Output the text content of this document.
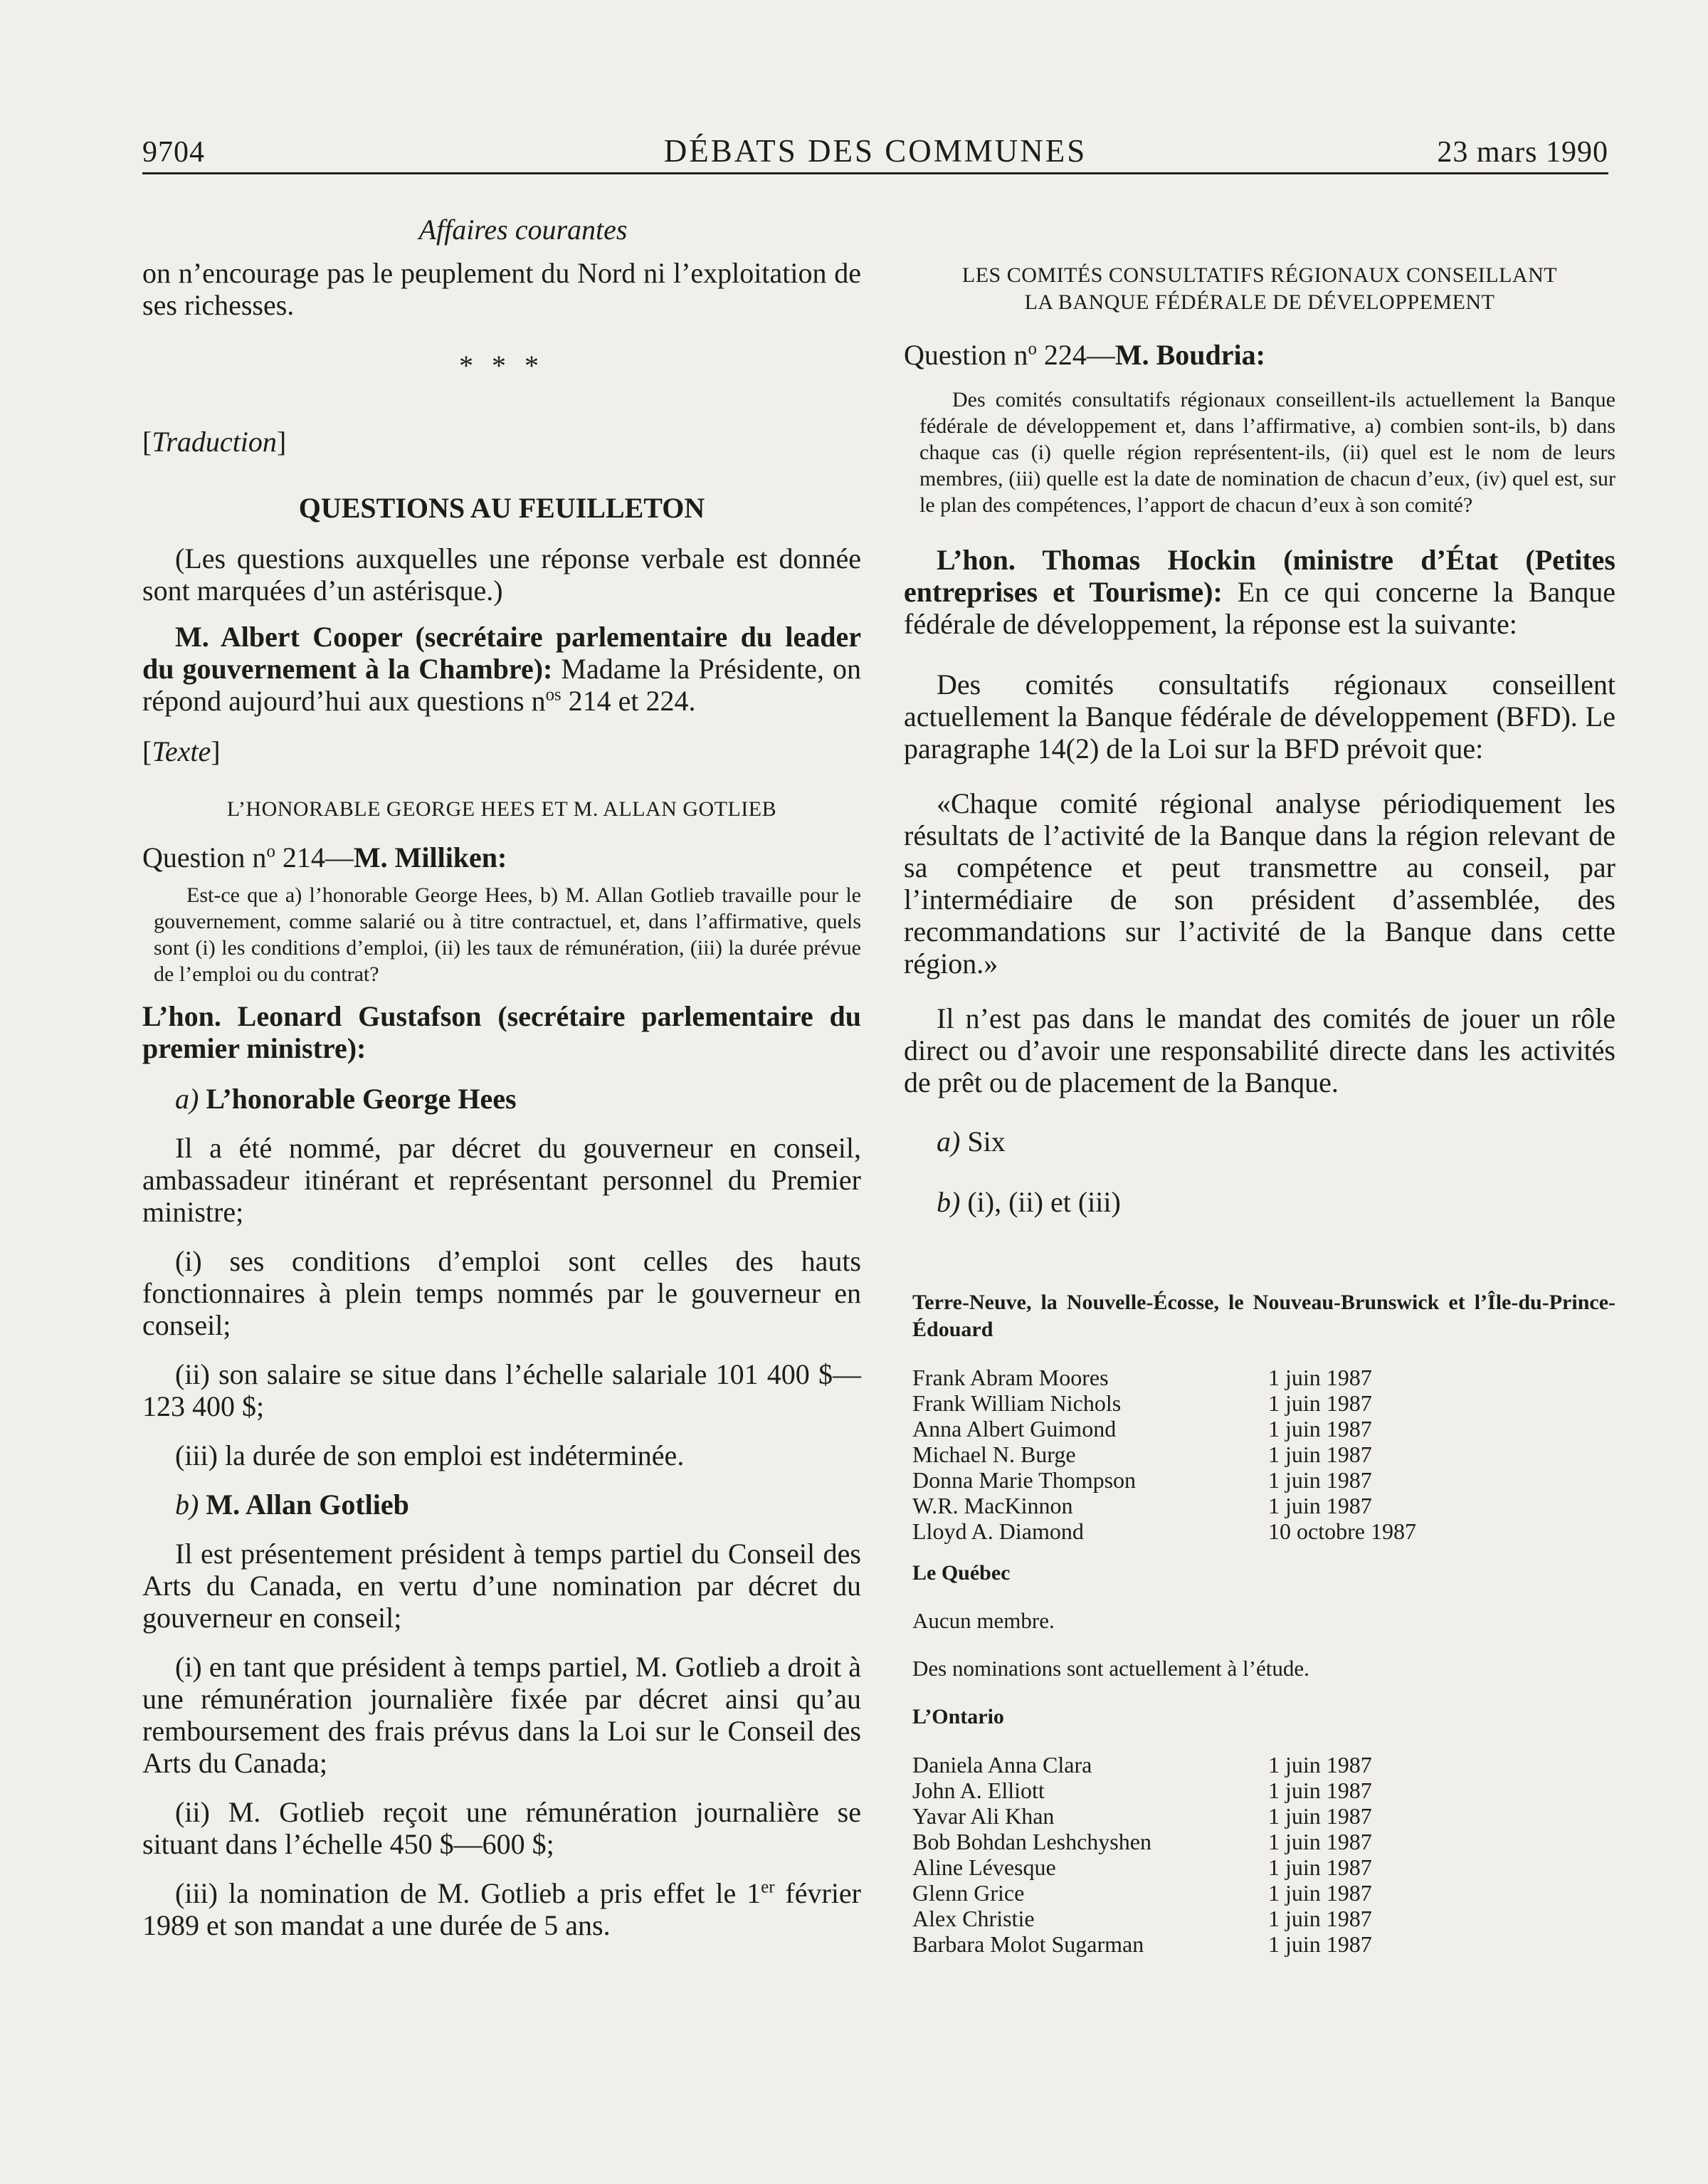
9704	DÉBATS DES COMMUNES	23 mars 1990

Affaires courantes

on n’encourage pas le peuplement du Nord ni l’exploitation de ses richesses.

* * *

[Traduction]

QUESTIONS AU FEUILLETON

(Les questions auxquelles une réponse verbale est donnée sont marquées d’un astérisque.)

M. Albert Cooper (secrétaire parlementaire du leader du gouvernement à la Chambre): Madame la Présidente, on répond aujourd’hui aux questions $n^{os}$ 214 et 224.

[Texte]

L’HONORABLE GEORGE HEES ET M. ALLAN GOTLIEB

Question $n^o$ 214—M. Milliken:

Est-ce que a) l’honorable George Hees, b) M. Allan Gotlieb travaille pour le gouvernement, comme salarié ou à titre contractuel, et, dans l’affirmative, quels sont (i) les conditions d’emploi, (ii) les taux de rémunération, (iii) la durée prévue de l’emploi ou du contrat?

L’hon. Leonard Gustafson (secrétaire parlementaire du premier ministre):

a) L’honorable George Hees

Il a été nommé, par décret du gouverneur en conseil, ambassadeur itinérant et représentant personnel du Premier ministre;

(i) ses conditions d’emploi sont celles des hauts fonctionnaires à plein temps nommés par le gouverneur en conseil;

(ii) son salaire se situe dans l’échelle salariale 101 400 $—123 400 $;

(iii) la durée de son emploi est indéterminée.

b) M. Allan Gotlieb

Il est présentement président à temps partiel du Conseil des Arts du Canada, en vertu d’une nomination par décret du gouverneur en conseil;

(i) en tant que président à temps partiel, M. Gotlieb a droit à une rémunération journalière fixée par décret ainsi qu’au remboursement des frais prévus dans la Loi sur le Conseil des Arts du Canada;

(ii) M. Gotlieb reçoit une rémunération journalière se situant dans l’échelle 450 $—600 $;

(iii) la nomination de M. Gotlieb a pris effet le 1er février 1989 et son mandat a une durée de 5 ans.

LES COMITÉS CONSULTATIFS RÉGIONAUX CONSEILLANT

LA BANQUE FÉDÉRALE DE DÉVELOPPEMENT

Question $n^o$ 224—M. Boudria:

Des comités consultatifs régionaux conseillent-ils actuellement la Banque fédérale de développement et, dans l’affirmative, a) combien sont-ils, b) dans chaque cas (i) quelle région représentent-ils, (ii) quel est le nom de leurs membres, (iii) quelle est la date de nomination de chacun d’eux, (iv) quel est, sur le plan des compétences, l’apport de chacun d’eux à son comité?

L’hon. Thomas Hockin (ministre d’État (Petites entreprises et Tourisme): En ce qui concerne la Banque fédérale de développement, la réponse est la suivante:

Des comités consultatifs régionaux conseillent actuellement la Banque fédérale de développement (BFD). Le paragraphe 14(2) de la Loi sur la BFD prévoit que:

«Chaque comité régional analyse périodiquement les résultats de l’activité de la Banque dans la région relevant de sa compétence et peut transmettre au conseil, par l’intermédiaire de son président d’assemblée, des recommandations sur l’activité de la Banque dans cette région.»

Il n’est pas dans le mandat des comités de jouer un rôle direct ou d’avoir une responsabilité directe dans les activités de prêt ou de placement de la Banque.

a) Six

b) (i), (ii) et (iii)

Terre-Neuve, la Nouvelle-Écosse, le Nouveau-Brunswick et l’Île-du-Prince-Édouard

Frank Abram Moores	1 juin 1987
Frank William Nichols	1 juin 1987
Anna Albert Guimond	1 juin 1987
Michael N. Burge	1 juin 1987
Donna Marie Thompson	1 juin 1987
W.R. MacKinnon	1 juin 1987
Lloyd A. Diamond	10 octobre 1987

Le Québec

Aucun membre.

Des nominations sont actuellement à l’étude.

L’Ontario

Daniela Anna Clara	1 juin 1987
John A. Elliott	1 juin 1987
Yavar Ali Khan	1 juin 1987
Bob Bohdan Leshchyshen	1 juin 1987
Aline Lévesque	1 juin 1987
Glenn Grice	1 juin 1987
Alex Christie	1 juin 1987
Barbara Molot Sugarman	1 juin 1987
